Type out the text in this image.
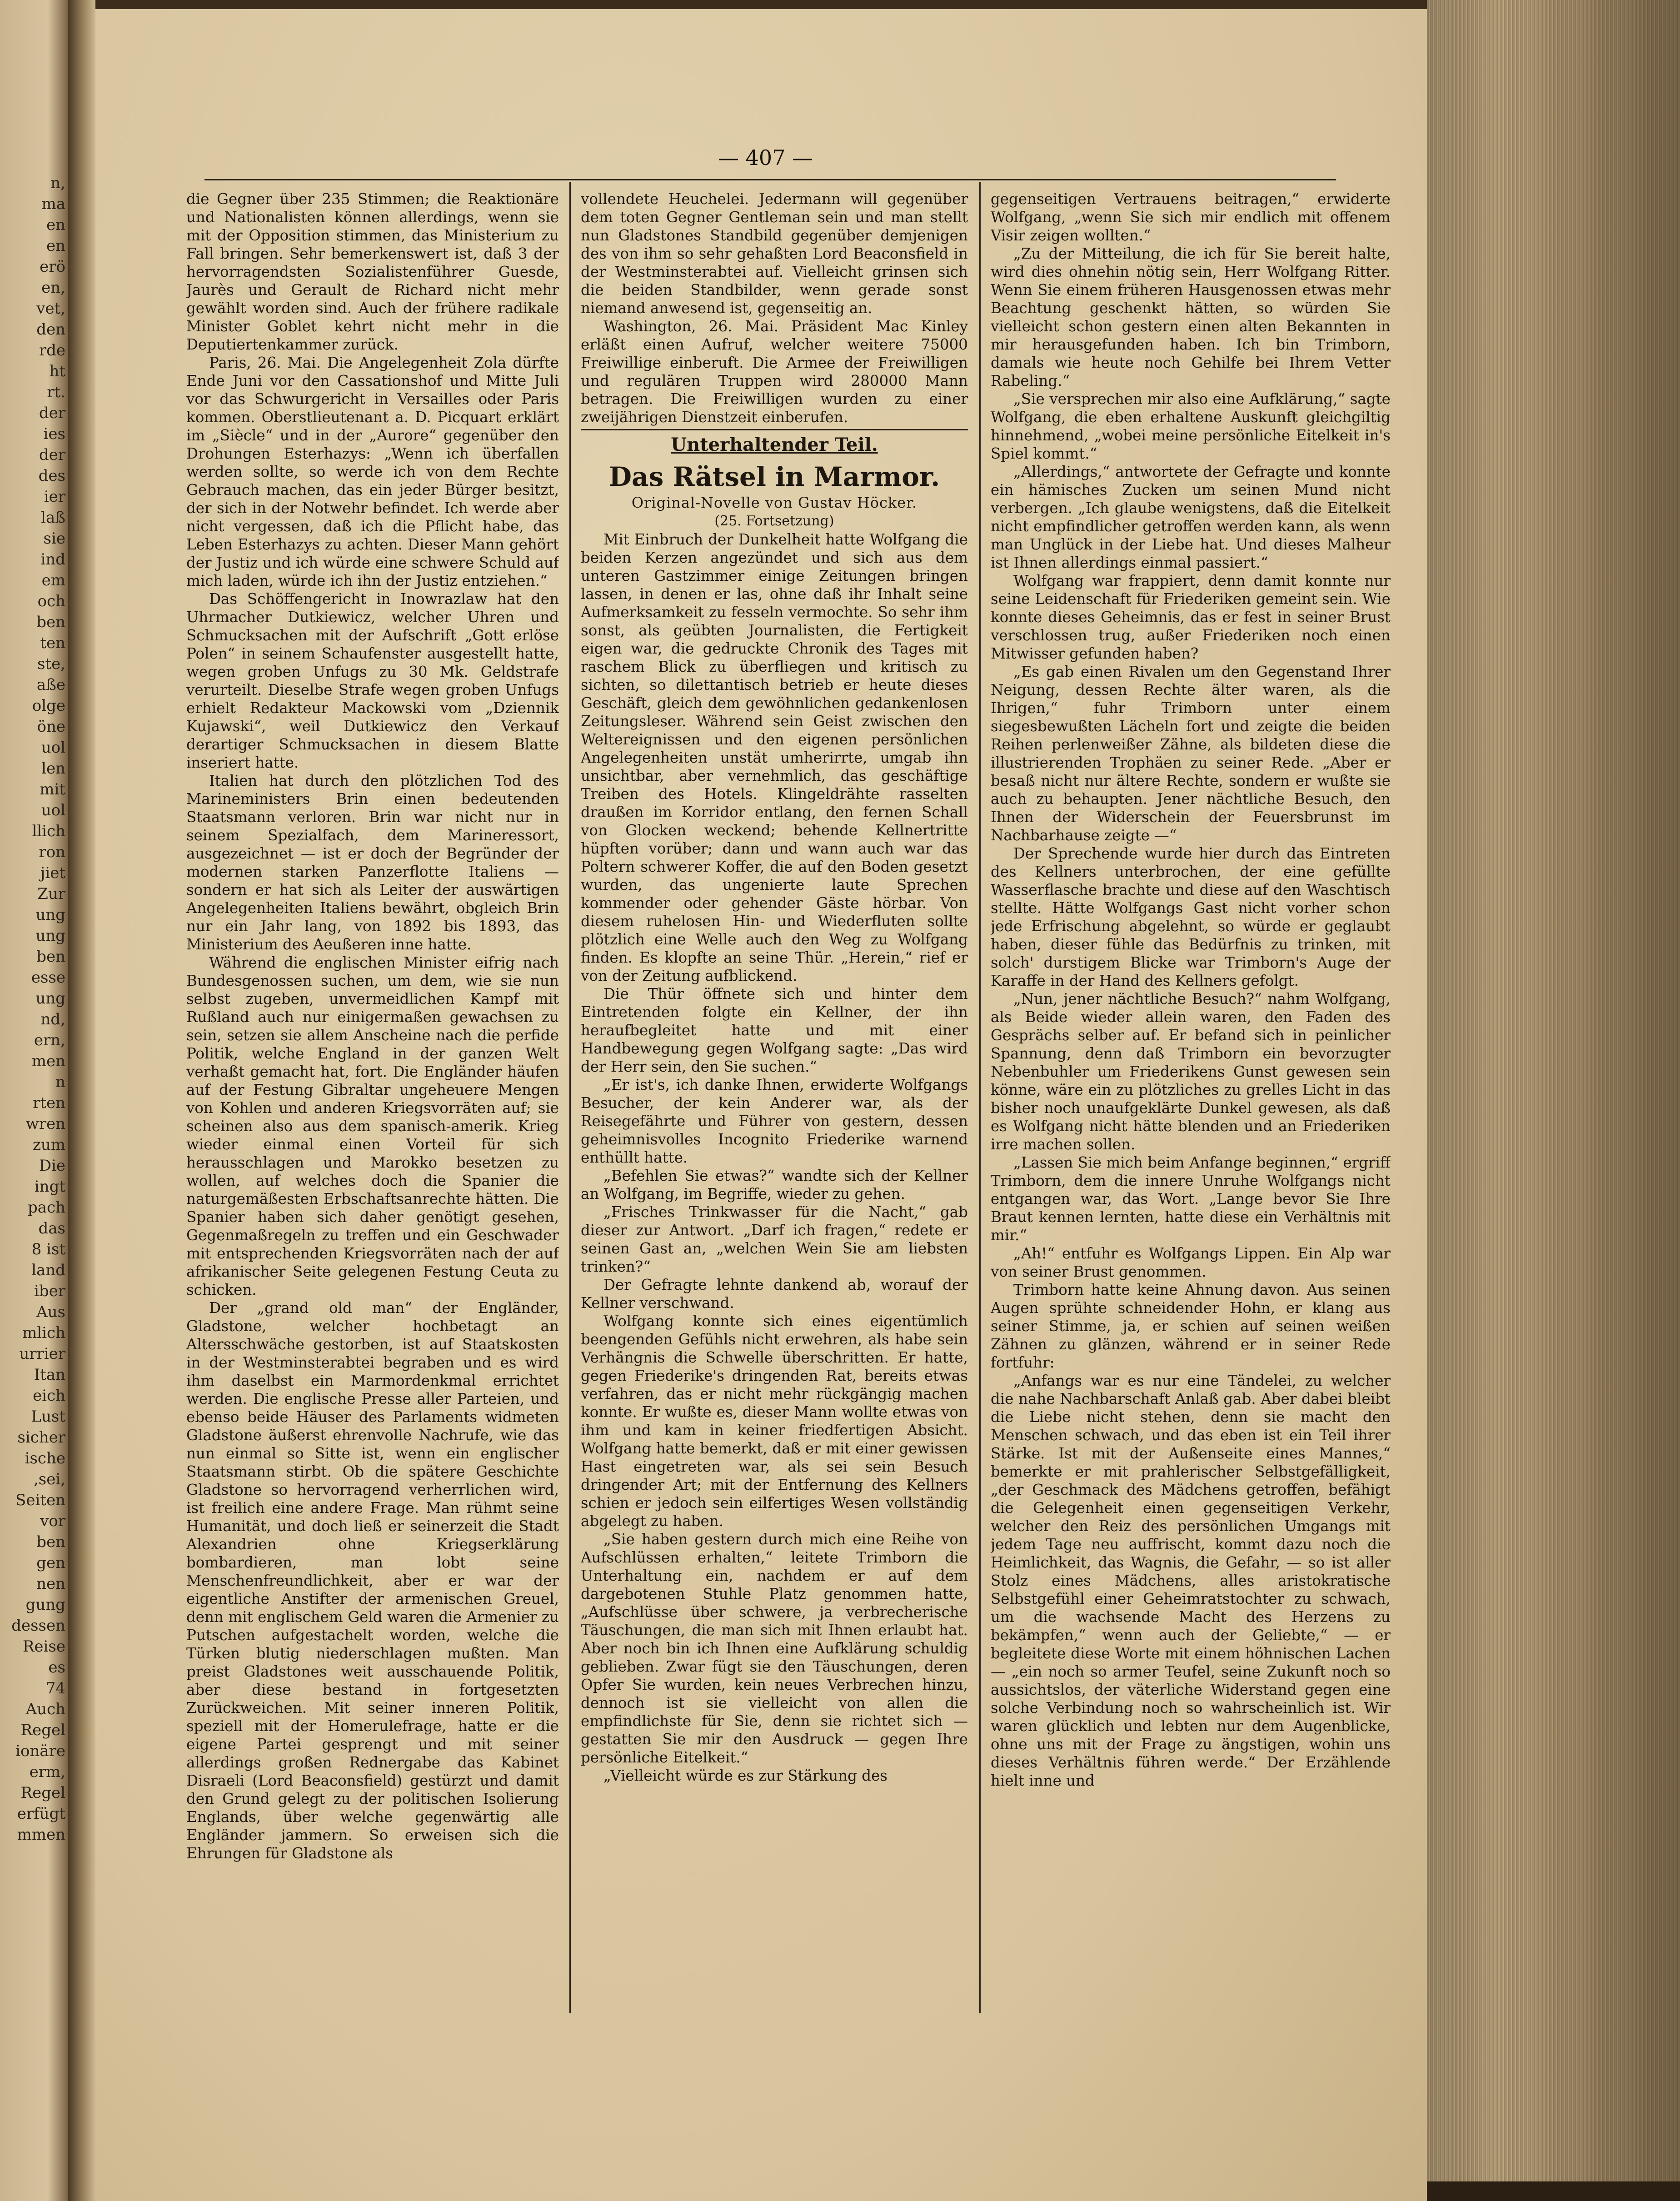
n,
ma
en
en
erö
en,
vet,
den
rde
ht
rt.
der
ies
der
des
ier
laß
sie
ind
em
och
ben
ten
ste,
aße
olge
öne
uol
len
mit
uol
llich
ron
jiet
Zur
ung
ung
ben
esse
ung
nd,
ern,
men
n
rten
wren
zum
Die
ingt
pach
das
8 ist
land
iber
Aus
mlich
urrier
Itan
eich
Lust
sicher
ische
,sei,
Seiten
vor
ben
gen
nen
gung
dessen
Reise
es
74
Auch
Regel
ionäre
erm,
Regel
erfügt
mmen
— 407 —

die Gegner über 235 Stimmen; die Reaktionäre und Nationalisten können allerdings, wenn sie mit der Opposition stimmen, das Ministerium zu Fall bringen. Sehr bemerkenswert ist, daß 3 der hervorragendsten Sozialistenführer Guesde, Jaurès und Gerault de Richard nicht mehr gewählt worden sind. Auch der frühere radikale Minister Goblet kehrt nicht mehr in die Deputiertenkammer zurück.

Paris, 26. Mai. Die Angelegenheit Zola dürfte Ende Juni vor den Cassationshof und Mitte Juli vor das Schwurgericht in Versailles oder Paris kommen. Oberstlieutenant a. D. Picquart erklärt im „Siècle“ und in der „Aurore“ gegenüber den Drohungen Esterhazys: „Wenn ich überfallen werden sollte, so werde ich von dem Rechte Gebrauch machen, das ein jeder Bürger besitzt, der sich in der Notwehr befindet. Ich werde aber nicht vergessen, daß ich die Pflicht habe, das Leben Esterhazys zu achten. Dieser Mann gehört der Justiz und ich würde eine schwere Schuld auf mich laden, würde ich ihn der Justiz entziehen.“

Das Schöffengericht in Inowrazlaw hat den Uhrmacher Dutkiewicz, welcher Uhren und Schmucksachen mit der Aufschrift „Gott erlöse Polen“ in seinem Schaufenster ausgestellt hatte, wegen groben Unfugs zu 30 Mk. Geldstrafe verurteilt. Dieselbe Strafe wegen groben Unfugs erhielt Redakteur Mackowski vom „Dziennik Kujawski“, weil Dutkiewicz den Verkauf derartiger Schmucksachen in diesem Blatte inseriert hatte.

Italien hat durch den plötzlichen Tod des Marineministers Brin einen bedeutenden Staatsmann verloren. Brin war nicht nur in seinem Spezialfach, dem Marineressort, ausgezeichnet — ist er doch der Begründer der modernen starken Panzerflotte Italiens — sondern er hat sich als Leiter der auswärtigen Angelegenheiten Italiens bewährt, obgleich Brin nur ein Jahr lang, von 1892 bis 1893, das Ministerium des Aeußeren inne hatte.

Während die englischen Minister eifrig nach Bundesgenossen suchen, um dem, wie sie nun selbst zugeben, unvermeidlichen Kampf mit Rußland auch nur einigermaßen gewachsen zu sein, setzen sie allem Anscheine nach die perfide Politik, welche England in der ganzen Welt verhaßt gemacht hat, fort. Die Engländer häufen auf der Festung Gibraltar ungeheuere Mengen von Kohlen und anderen Kriegsvorräten auf; sie scheinen also aus dem spanisch-amerik. Krieg wieder einmal einen Vorteil für sich herausschlagen und Marokko besetzen zu wollen, auf welches doch die Spanier die naturgemäßesten Erbschaftsanrechte hätten. Die Spanier haben sich daher genötigt gesehen, Gegenmaßregeln zu treffen und ein Geschwader mit entsprechenden Kriegsvorräten nach der auf afrikanischer Seite gelegenen Festung Ceuta zu schicken.

Der „grand old man“ der Engländer, Gladstone, welcher hochbetagt an Altersschwäche gestorben, ist auf Staatskosten in der Westminsterabtei begraben und es wird ihm daselbst ein Marmordenkmal errichtet werden. Die englische Presse aller Parteien, und ebenso beide Häuser des Parlaments widmeten Gladstone äußerst ehrenvolle Nachrufe, wie das nun einmal so Sitte ist, wenn ein englischer Staatsmann stirbt. Ob die spätere Geschichte Gladstone so hervorragend verherrlichen wird, ist freilich eine andere Frage. Man rühmt seine Humanität, und doch ließ er seinerzeit die Stadt Alexandrien ohne Kriegserklärung bombardieren, man lobt seine Menschenfreundlichkeit, aber er war der eigentliche Anstifter der armenischen Greuel, denn mit englischem Geld waren die Armenier zu Putschen aufgestachelt worden, welche die Türken blutig niederschlagen mußten. Man preist Gladstones weit ausschauende Politik, aber diese bestand in fortgesetzten Zurückweichen. Mit seiner inneren Politik, speziell mit der Homerulefrage, hatte er die eigene Partei gesprengt und mit seiner allerdings großen Rednergabe das Kabinet Disraeli (Lord Beaconsfield) gestürzt und damit den Grund gelegt zu der politischen Isolierung Englands, über welche gegenwärtig alle Engländer jammern. So erweisen sich die Ehrungen für Gladstone als

vollendete Heuchelei. Jedermann will gegenüber dem toten Gegner Gentleman sein und man stellt nun Gladstones Standbild gegenüber demjenigen des von ihm so sehr gehaßten Lord Beaconsfield in der Westminsterabtei auf. Vielleicht grinsen sich die beiden Standbilder, wenn gerade sonst niemand anwesend ist, gegenseitig an.

Washington, 26. Mai. Präsident Mac Kinley erläßt einen Aufruf, welcher weitere 75000 Freiwillige einberuft. Die Armee der Freiwilligen und regulären Truppen wird 280000 Mann betragen. Die Freiwilligen wurden zu einer zweijährigen Dienstzeit einberufen.

Unterhaltender Teil.
Das Rätsel in Marmor.
Original-Novelle von Gustav Höcker.
(25. Fortsetzung)

Mit Einbruch der Dunkelheit hatte Wolfgang die beiden Kerzen angezündet und sich aus dem unteren Gastzimmer einige Zeitungen bringen lassen, in denen er las, ohne daß ihr Inhalt seine Aufmerksamkeit zu fesseln vermochte. So sehr ihm sonst, als geübten Journalisten, die Fertigkeit eigen war, die gedruckte Chronik des Tages mit raschem Blick zu überfliegen und kritisch zu sichten, so dilettantisch betrieb er heute dieses Geschäft, gleich dem gewöhnlichen gedankenlosen Zeitungsleser. Während sein Geist zwischen den Weltereignissen und den eigenen persönlichen Angelegenheiten unstät umherirrte, umgab ihn unsichtbar, aber vernehmlich, das geschäftige Treiben des Hotels. Klingeldrähte rasselten draußen im Korridor entlang, den fernen Schall von Glocken weckend; behende Kellnertritte hüpften vorüber; dann und wann auch war das Poltern schwerer Koffer, die auf den Boden gesetzt wurden, das ungenierte laute Sprechen kommender oder gehender Gäste hörbar. Von diesem ruhelosen Hin- und Wiederfluten sollte plötzlich eine Welle auch den Weg zu Wolfgang finden. Es klopfte an seine Thür. „Herein,“ rief er von der Zeitung aufblickend.

Die Thür öffnete sich und hinter dem Eintretenden folgte ein Kellner, der ihn heraufbegleitet hatte und mit einer Handbewegung gegen Wolfgang sagte: „Das wird der Herr sein, den Sie suchen.“

„Er ist's, ich danke Ihnen, erwiderte Wolfgangs Besucher, der kein Anderer war, als der Reisegefährte und Führer von gestern, dessen geheimnisvolles Incognito Friederike warnend enthüllt hatte.

„Befehlen Sie etwas?“ wandte sich der Kellner an Wolfgang, im Begriffe, wieder zu gehen.

„Frisches Trinkwasser für die Nacht,“ gab dieser zur Antwort. „Darf ich fragen,“ redete er seinen Gast an, „welchen Wein Sie am liebsten trinken?“

Der Gefragte lehnte dankend ab, worauf der Kellner verschwand.

Wolfgang konnte sich eines eigentümlich beengenden Gefühls nicht erwehren, als habe sein Verhängnis die Schwelle überschritten. Er hatte, gegen Friederike's dringenden Rat, bereits etwas verfahren, das er nicht mehr rückgängig machen konnte. Er wußte es, dieser Mann wollte etwas von ihm und kam in keiner friedfertigen Absicht. Wolfgang hatte bemerkt, daß er mit einer gewissen Hast eingetreten war, als sei sein Besuch dringender Art; mit der Entfernung des Kellners schien er jedoch sein eilfertiges Wesen vollständig abgelegt zu haben.

„Sie haben gestern durch mich eine Reihe von Aufschlüssen erhalten,“ leitete Trimborn die Unterhaltung ein, nachdem er auf dem dargebotenen Stuhle Platz genommen hatte, „Aufschlüsse über schwere, ja verbrecherische Täuschungen, die man sich mit Ihnen erlaubt hat. Aber noch bin ich Ihnen eine Aufklärung schuldig geblieben. Zwar fügt sie den Täuschungen, deren Opfer Sie wurden, kein neues Verbrechen hinzu, dennoch ist sie vielleicht von allen die empfindlichste für Sie, denn sie richtet sich — gestatten Sie mir den Ausdruck — gegen Ihre persönliche Eitelkeit.“

„Vielleicht würde es zur Stärkung des

gegenseitigen Vertrauens beitragen,“ erwiderte Wolfgang, „wenn Sie sich mir endlich mit offenem Visir zeigen wollten.“

„Zu der Mitteilung, die ich für Sie bereit halte, wird dies ohnehin nötig sein, Herr Wolfgang Ritter. Wenn Sie einem früheren Hausgenossen etwas mehr Beachtung geschenkt hätten, so würden Sie vielleicht schon gestern einen alten Bekannten in mir herausgefunden haben. Ich bin Trimborn, damals wie heute noch Gehilfe bei Ihrem Vetter Rabeling.“

„Sie versprechen mir also eine Aufklärung,“ sagte Wolfgang, die eben erhaltene Auskunft gleichgiltig hinnehmend, „wobei meine persönliche Eitelkeit in's Spiel kommt.“

„Allerdings,“ antwortete der Gefragte und konnte ein hämisches Zucken um seinen Mund nicht verbergen. „Ich glaube wenigstens, daß die Eitelkeit nicht empfindlicher getroffen werden kann, als wenn man Unglück in der Liebe hat. Und dieses Malheur ist Ihnen allerdings einmal passiert.“

Wolfgang war frappiert, denn damit konnte nur seine Leidenschaft für Friederiken gemeint sein. Wie konnte dieses Geheimnis, das er fest in seiner Brust verschlossen trug, außer Friederiken noch einen Mitwisser gefunden haben?

„Es gab einen Rivalen um den Gegenstand Ihrer Neigung, dessen Rechte älter waren, als die Ihrigen,“ fuhr Trimborn unter einem siegesbewußten Lächeln fort und zeigte die beiden Reihen perlenweißer Zähne, als bildeten diese die illustrierenden Trophäen zu seiner Rede. „Aber er besaß nicht nur ältere Rechte, sondern er wußte sie auch zu behaupten. Jener nächtliche Besuch, den Ihnen der Widerschein der Feuersbrunst im Nachbarhause zeigte —“

Der Sprechende wurde hier durch das Eintreten des Kellners unterbrochen, der eine gefüllte Wasserflasche brachte und diese auf den Waschtisch stellte. Hätte Wolfgangs Gast nicht vorher schon jede Erfrischung abgelehnt, so würde er geglaubt haben, dieser fühle das Bedürfnis zu trinken, mit solch' durstigem Blicke war Trimborn's Auge der Karaffe in der Hand des Kellners gefolgt.

„Nun, jener nächtliche Besuch?“ nahm Wolfgang, als Beide wieder allein waren, den Faden des Gesprächs selber auf. Er befand sich in peinlicher Spannung, denn daß Trimborn ein bevorzugter Nebenbuhler um Friederikens Gunst gewesen sein könne, wäre ein zu plötzliches zu grelles Licht in das bisher noch unaufgeklärte Dunkel gewesen, als daß es Wolfgang nicht hätte blenden und an Friederiken irre machen sollen.

„Lassen Sie mich beim Anfange beginnen,“ ergriff Trimborn, dem die innere Unruhe Wolfgangs nicht entgangen war, das Wort. „Lange bevor Sie Ihre Braut kennen lernten, hatte diese ein Verhältnis mit mir.“

„Ah!“ entfuhr es Wolfgangs Lippen. Ein Alp war von seiner Brust genommen.

Trimborn hatte keine Ahnung davon. Aus seinen Augen sprühte schneidender Hohn, er klang aus seiner Stimme, ja, er schien auf seinen weißen Zähnen zu glänzen, während er in seiner Rede fortfuhr:

„Anfangs war es nur eine Tändelei, zu welcher die nahe Nachbarschaft Anlaß gab. Aber dabei bleibt die Liebe nicht stehen, denn sie macht den Menschen schwach, und das eben ist ein Teil ihrer Stärke. Ist mit der Außenseite eines Mannes,“ bemerkte er mit prahlerischer Selbstgefälligkeit, „der Geschmack des Mädchens getroffen, befähigt die Gelegenheit einen gegenseitigen Verkehr, welcher den Reiz des persönlichen Umgangs mit jedem Tage neu auffrischt, kommt dazu noch die Heimlichkeit, das Wagnis, die Gefahr, — so ist aller Stolz eines Mädchens, alles aristokratische Selbstgefühl einer Geheimratstochter zu schwach, um die wachsende Macht des Herzens zu bekämpfen,“ wenn auch der Geliebte,“ — er begleitete diese Worte mit einem höhnischen Lachen — „ein noch so armer Teufel, seine Zukunft noch so aussichtslos, der väterliche Widerstand gegen eine solche Verbindung noch so wahrscheinlich ist. Wir waren glücklich und lebten nur dem Augenblicke, ohne uns mit der Frage zu ängstigen, wohin uns dieses Verhältnis führen werde.“ Der Erzählende hielt inne und
